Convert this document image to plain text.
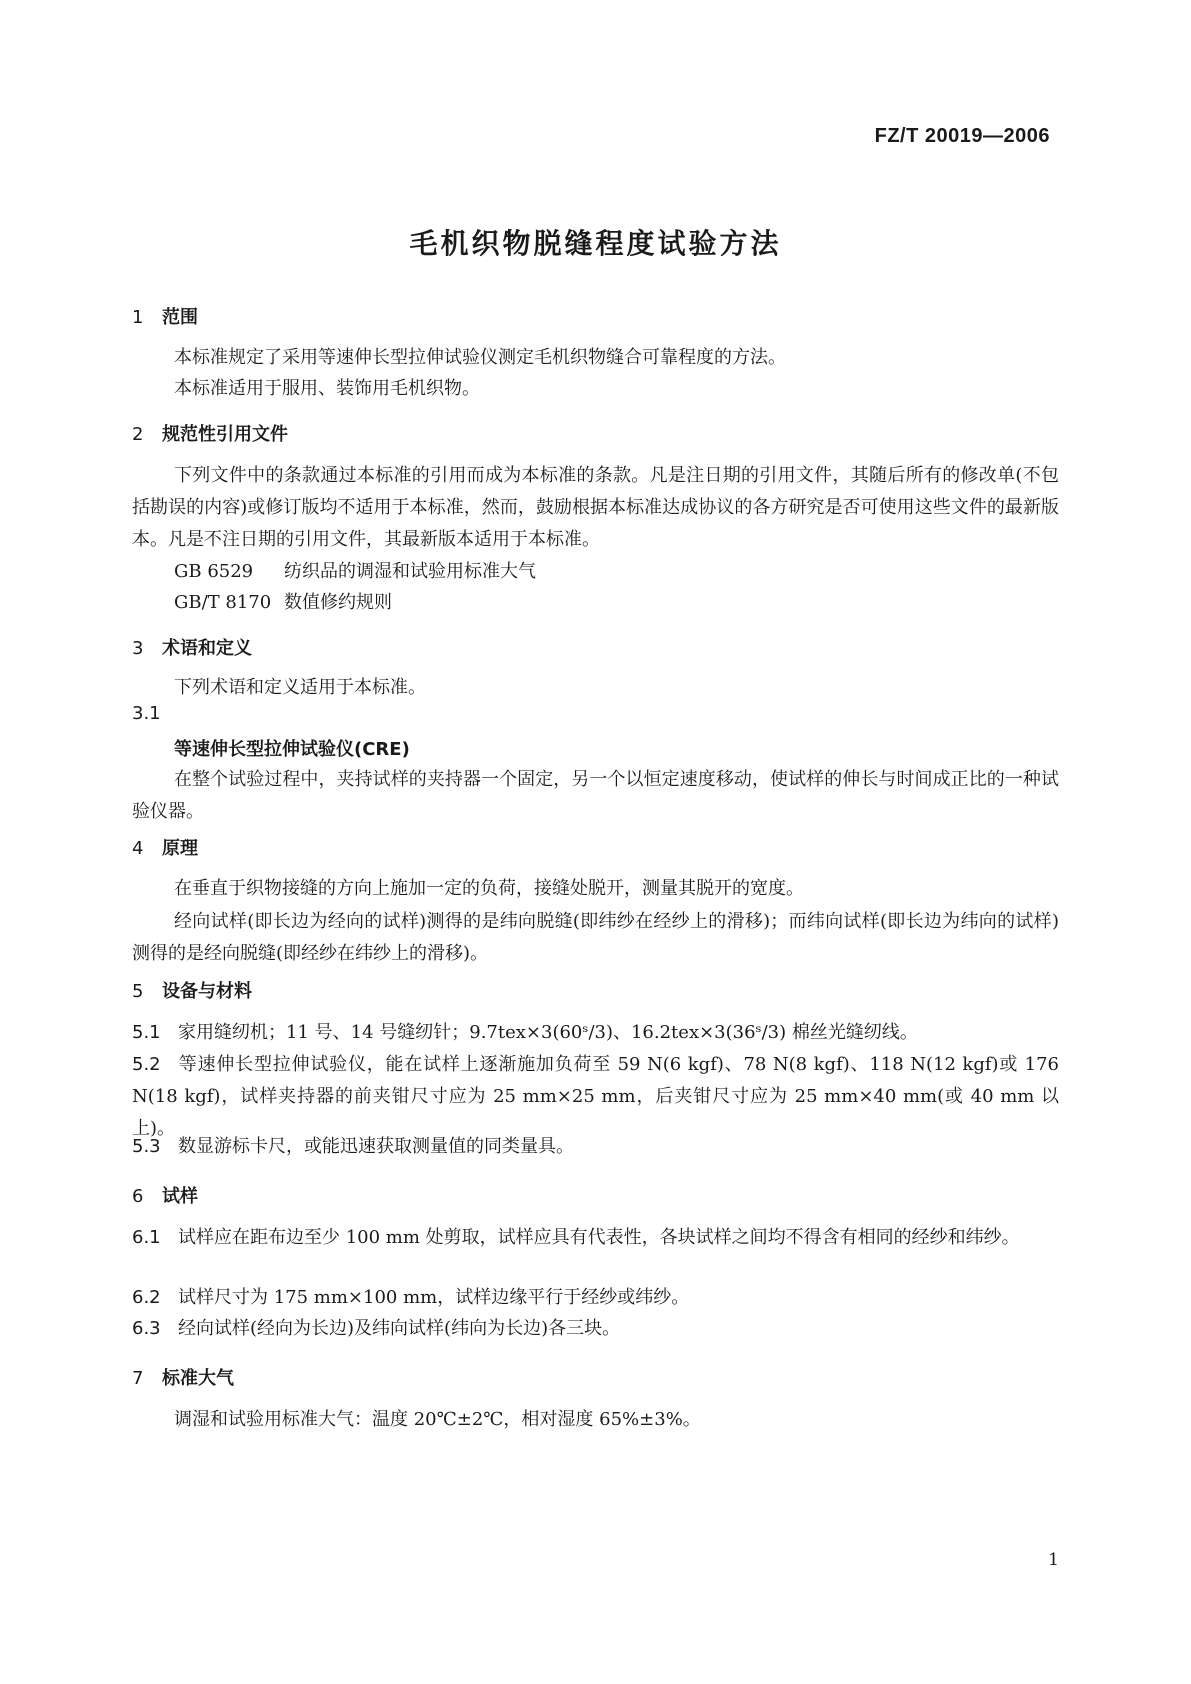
FZ/T 20019—2006
毛机织物脱缝程度试验方法
1 范围
本标准规定了采用等速伸长型拉伸试验仪测定毛机织物缝合可靠程度的方法。
本标准适用于服用、装饰用毛机织物。
2 规范性引用文件
下列文件中的条款通过本标准的引用而成为本标准的条款。凡是注日期的引用文件，其随后所有的修改单(不包括勘误的内容)或修订版均不适用于本标准，然而，鼓励根据本标准达成协议的各方研究是否可使用这些文件的最新版本。凡是不注日期的引用文件，其最新版本适用于本标准。
GB 6529 纺织品的调湿和试验用标准大气
GB/T 8170 数值修约规则
3 术语和定义
下列术语和定义适用于本标准。
3.1
等速伸长型拉伸试验仪(CRE)
在整个试验过程中，夹持试样的夹持器一个固定，另一个以恒定速度移动，使试样的伸长与时间成正比的一种试验仪器。
4 原理
在垂直于织物接缝的方向上施加一定的负荷，接缝处脱开，测量其脱开的宽度。
经向试样(即长边为经向的试样)测得的是纬向脱缝(即纬纱在经纱上的滑移)；而纬向试样(即长边为纬向的试样)测得的是经向脱缝(即经纱在纬纱上的滑移)。
5 设备与材料
5.1 家用缝纫机；11 号、14 号缝纫针；9.7tex×3(60ˢ/3)、16.2tex×3(36ˢ/3) 棉丝光缝纫线。
5.2 等速伸长型拉伸试验仪，能在试样上逐渐施加负荷至 59 N(6 kgf)、78 N(8 kgf)、118 N(12 kgf)或 176 N(18 kgf)，试样夹持器的前夹钳尺寸应为 25 mm×25 mm，后夹钳尺寸应为 25 mm×40 mm(或 40 mm 以上)。
5.3 数显游标卡尺，或能迅速获取测量值的同类量具。
6 试样
6.1 试样应在距布边至少 100 mm 处剪取，试样应具有代表性，各块试样之间均不得含有相同的经纱和纬纱。
6.2 试样尺寸为 175 mm×100 mm，试样边缘平行于经纱或纬纱。
6.3 经向试样(经向为长边)及纬向试样(纬向为长边)各三块。
7 标准大气
调湿和试验用标准大气：温度 20℃±2℃，相对湿度 65%±3%。
1
